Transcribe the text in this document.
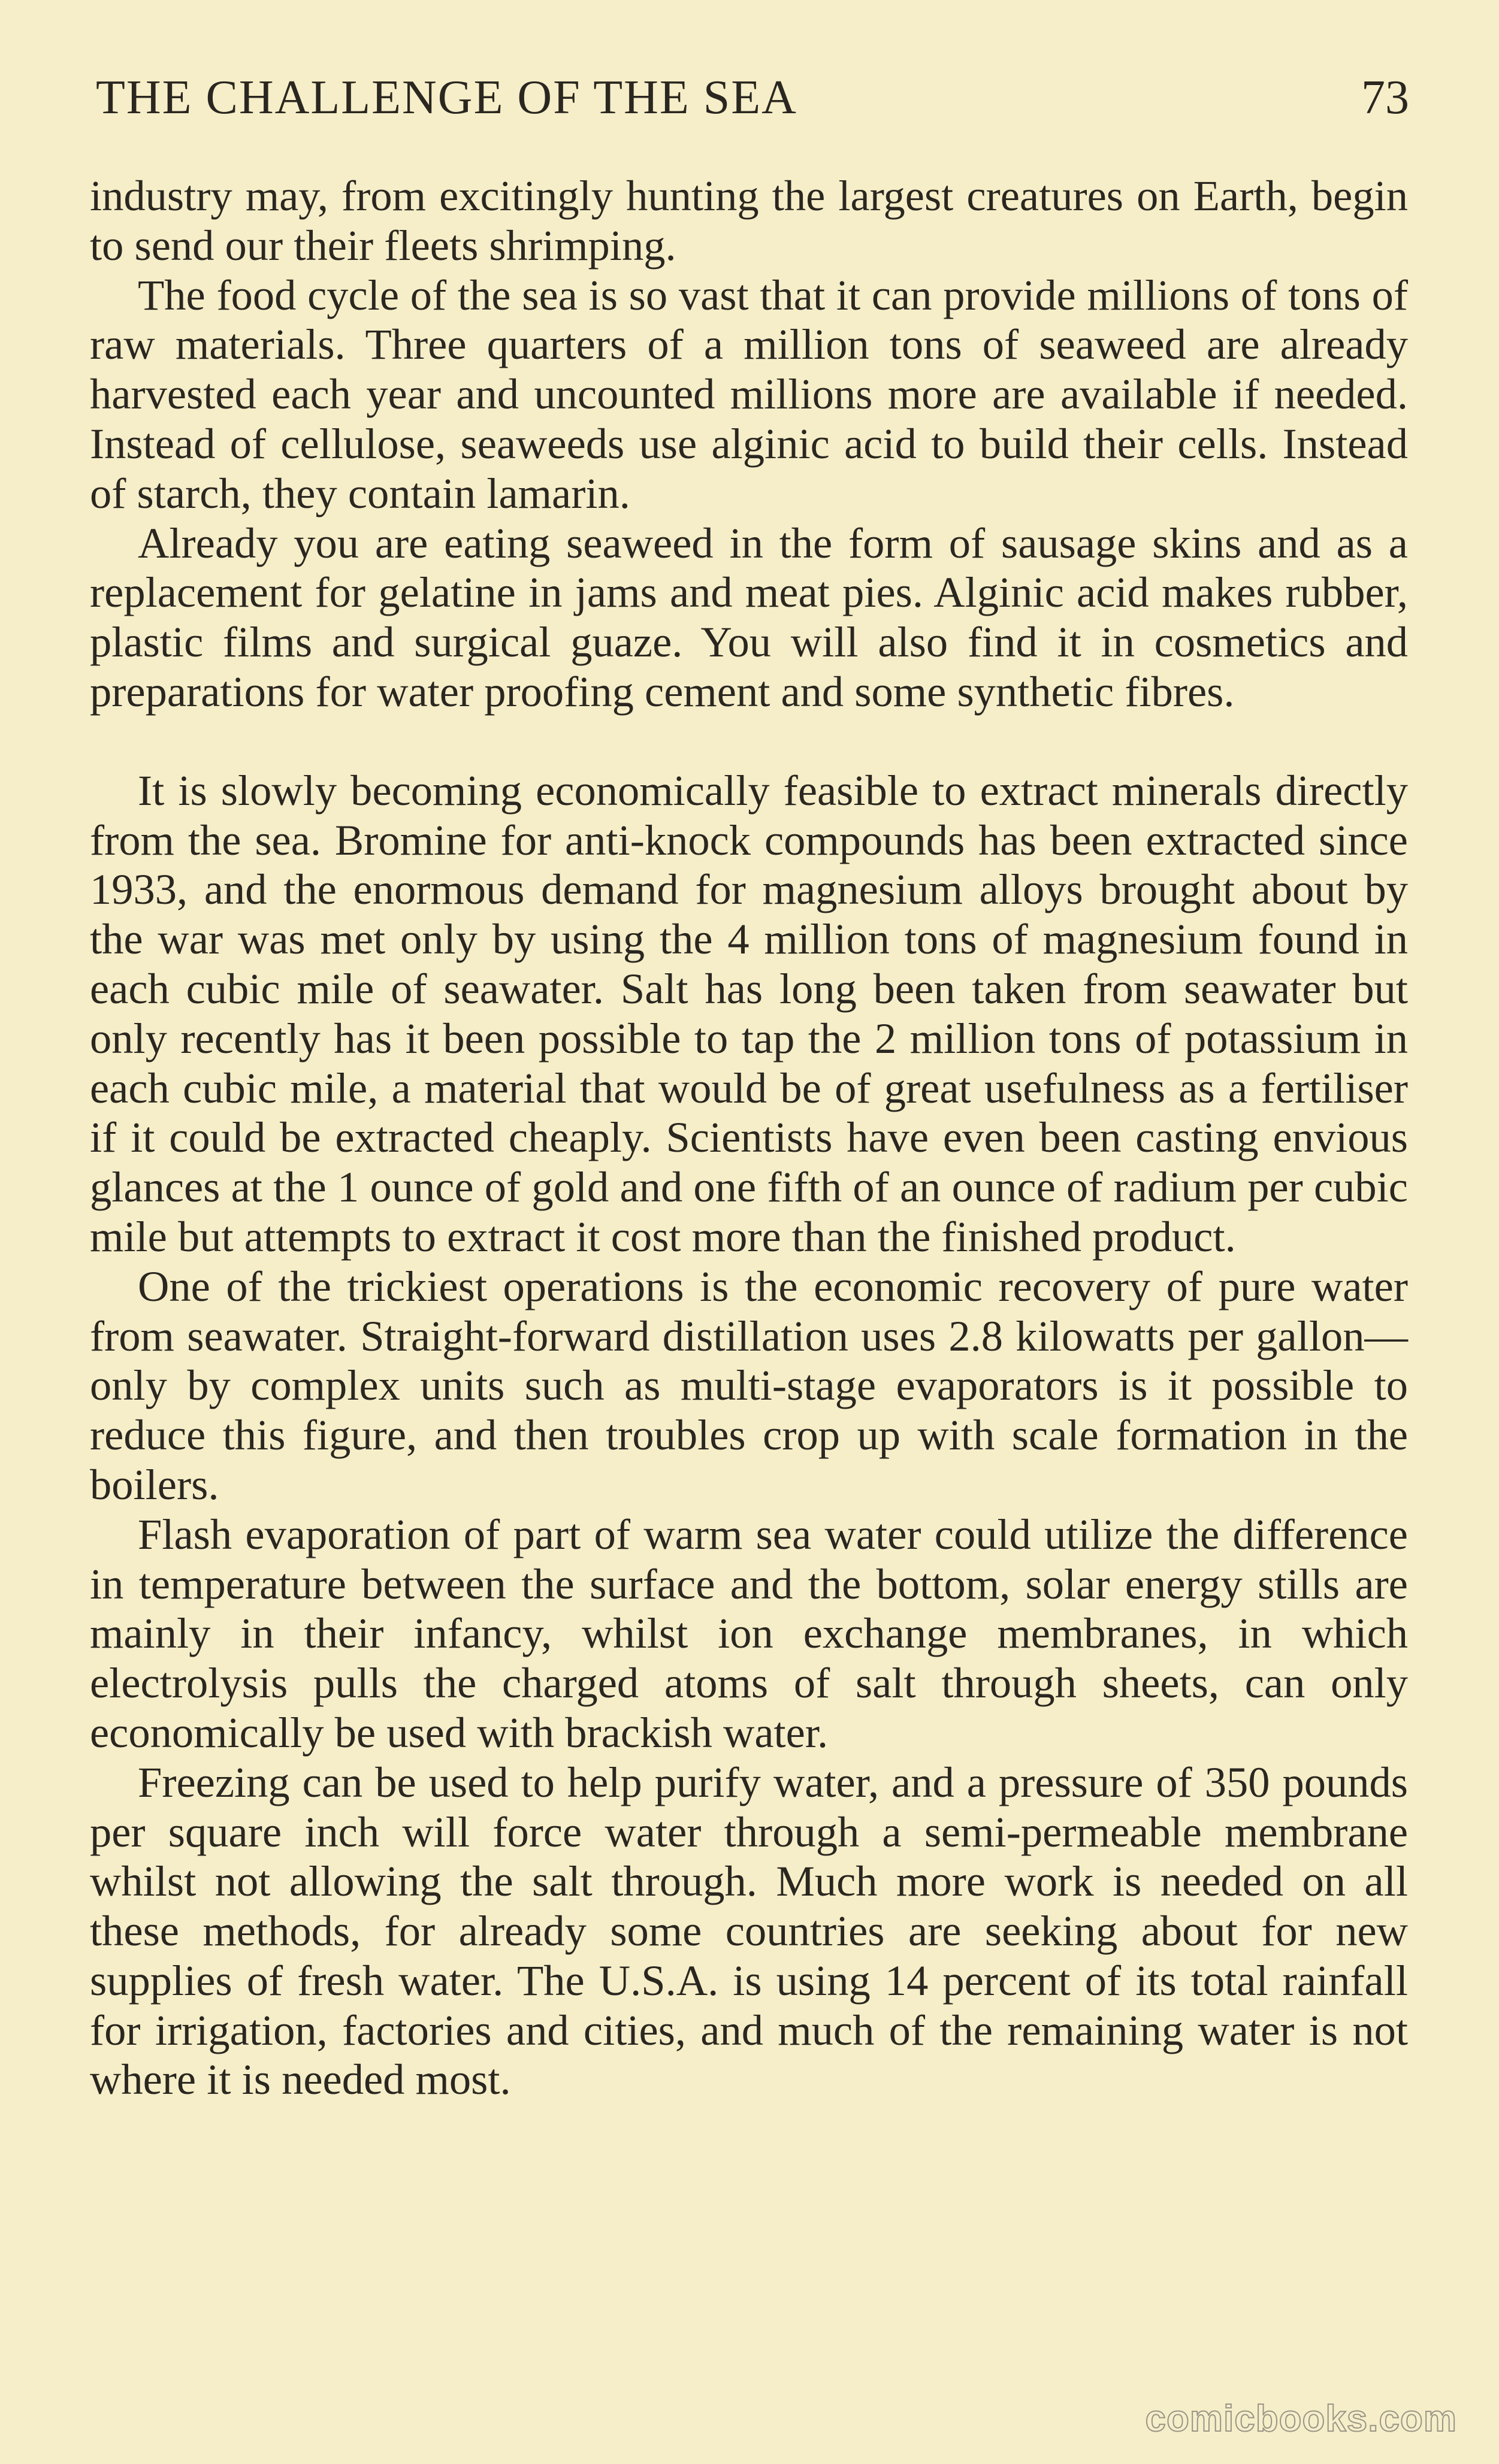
THE CHALLENGE OF THE SEA	73

industry may, from excitingly hunting the largest creatures on Earth, begin to send our their fleets shrimping.

The food cycle of the sea is so vast that it can provide millions of tons of raw materials. Three quarters of a million tons of seaweed are already harvested each year and uncounted millions more are available if needed. Instead of cellulose, seaweeds use alginic acid to build their cells. Instead of starch, they contain lamarin.

Already you are eating seaweed in the form of sausage skins and as a replacement for gelatine in jams and meat pies. Alginic acid makes rubber, plastic films and surgical guaze. You will also find it in cosmetics and preparations for water proofing cement and some synthetic fibres.

It is slowly becoming economically feasible to extract minerals directly from the sea. Bromine for anti-knock compounds has been extracted since 1933, and the enormous demand for magnesium alloys brought about by the war was met only by using the 4 million tons of magnesium found in each cubic mile of seawater. Salt has long been taken from seawater but only recently has it been possible to tap the 2 million tons of potassium in each cubic mile, a material that would be of great usefulness as a fertiliser if it could be extracted cheaply. Scientists have even been casting envious glances at the 1 ounce of gold and one fifth of an ounce of radium per cubic mile but attempts to extract it cost more than the finished product.

One of the trickiest operations is the economic recovery of pure water from seawater. Straight-forward distillation uses 2.8 kilowatts per gallon—only by complex units such as multi-stage evaporators is it possible to reduce this figure, and then troubles crop up with scale formation in the boilers.

Flash evaporation of part of warm sea water could utilize the difference in temperature between the surface and the bottom, solar energy stills are mainly in their infancy, whilst ion exchange membranes, in which electrolysis pulls the charged atoms of salt through sheets, can only economically be used with brackish water.

Freezing can be used to help purify water, and a pressure of 350 pounds per square inch will force water through a semi-permeable membrane whilst not allowing the salt through. Much more work is needed on all these methods, for already some countries are seeking about for new supplies of fresh water. The U.S.A. is using 14 percent of its total rainfall for irrigation, factories and cities, and much of the remaining water is not where it is needed most.

comicbooks.com
